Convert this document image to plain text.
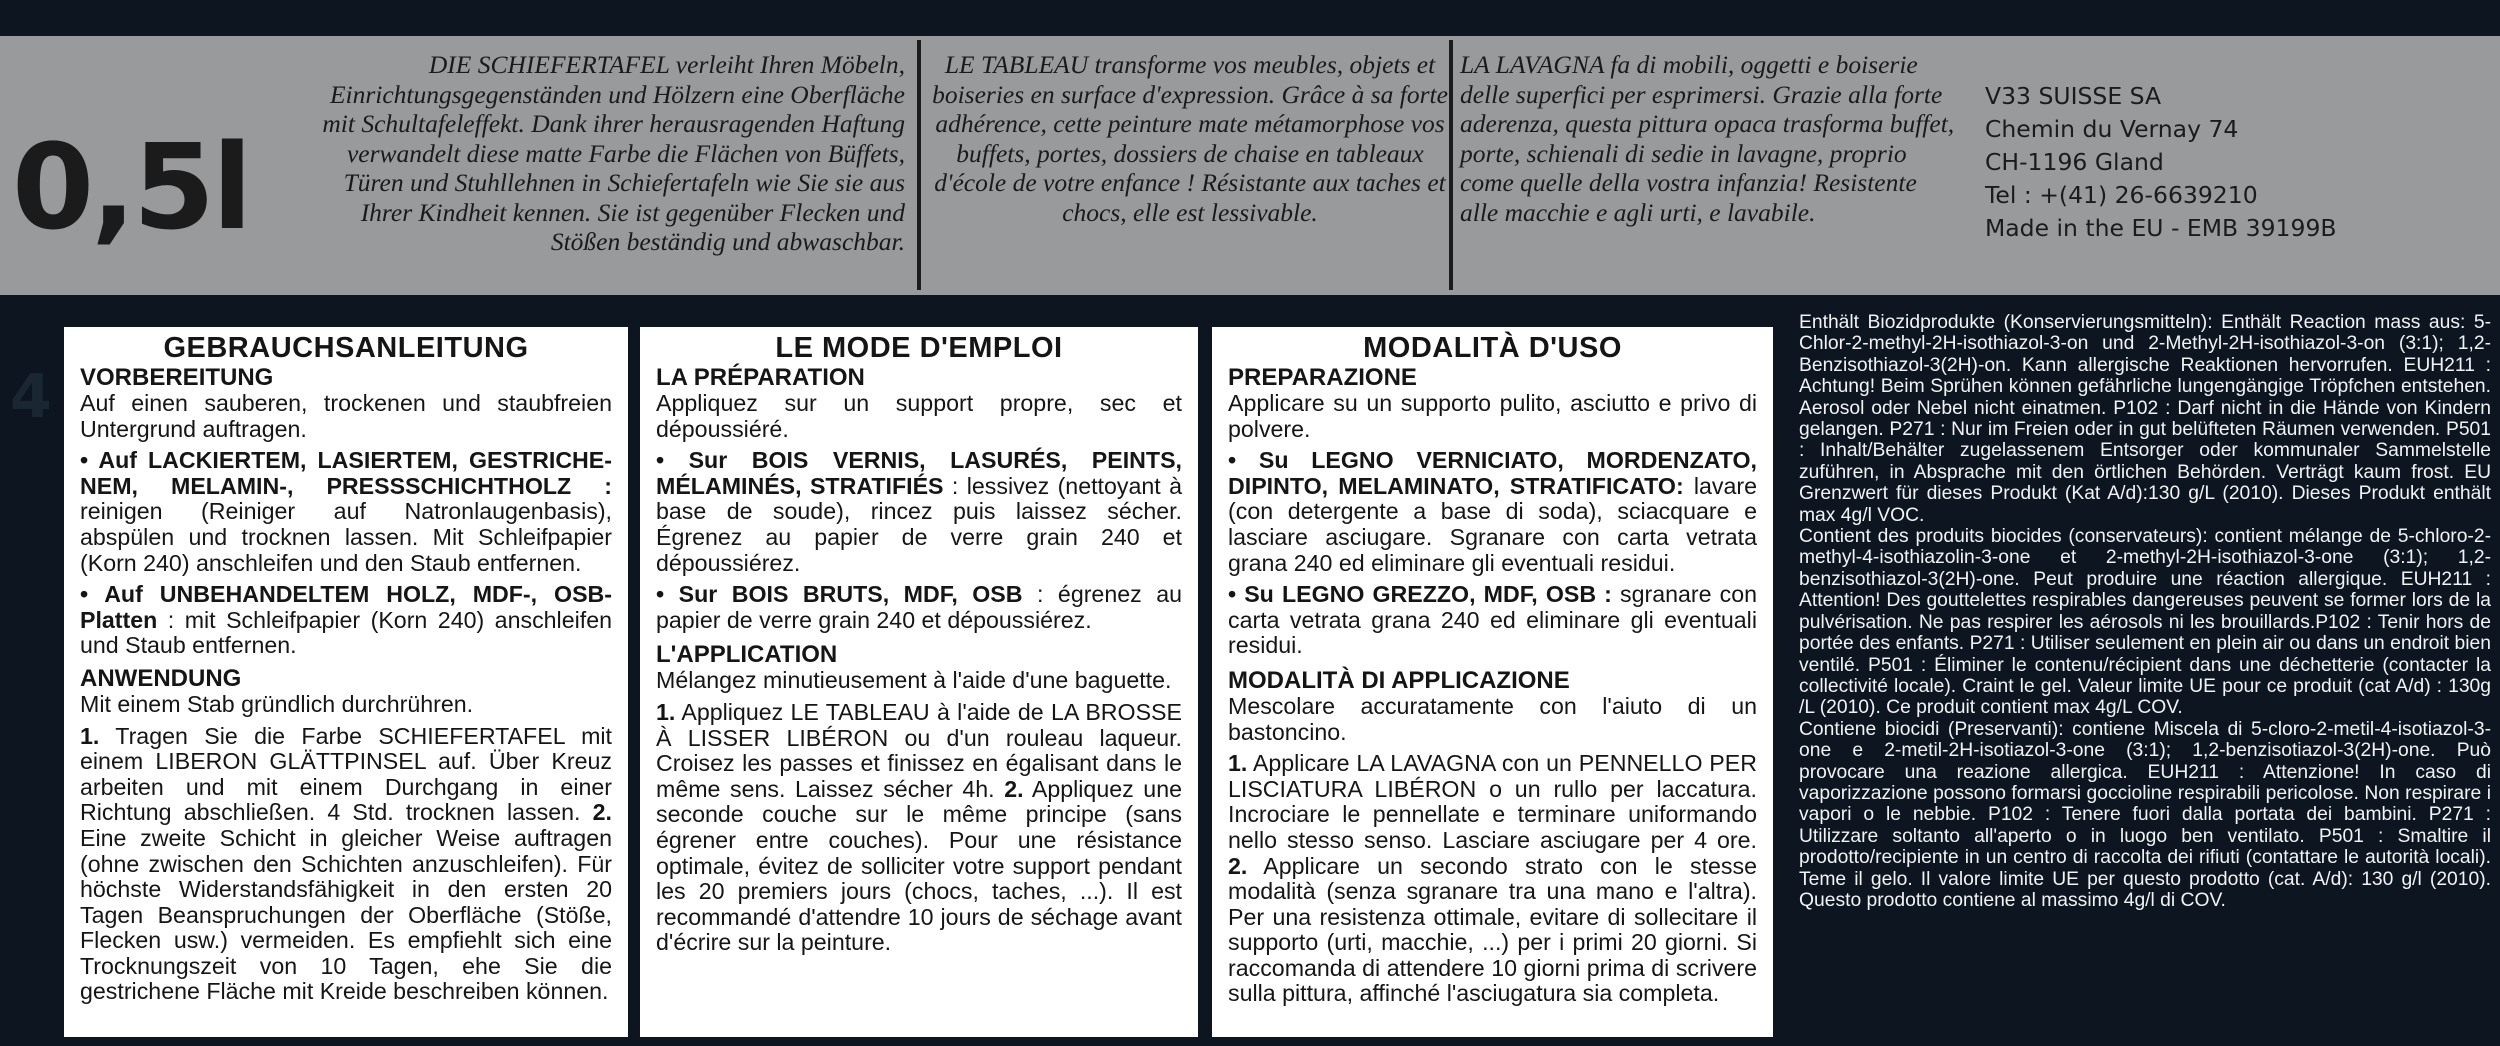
0,5l
DIE SCHIEFERTAFEL verleiht Ihren Möbeln, Einrichtungsgegenständen und Hölzern eine Oberfläche mit Schultafeleffekt. Dank ihrer herausragenden Haftung verwandelt diese matte Farbe die Flächen von Büffets, Türen und Stuhllehnen in Schiefertafeln wie Sie sie aus Ihrer Kindheit kennen. Sie ist gegenüber Flecken und Stößen beständig und abwaschbar.
LE TABLEAU transforme vos meubles, objets et boiseries en surface d'expression. Grâce à sa forte adhérence, cette peinture mate métamorphose vos buffets, portes, dossiers de chaise en tableaux d'école de votre enfance ! Résistante aux taches et chocs, elle est lessivable.
LA LAVAGNA fa di mobili, oggetti e boiserie delle superfici per esprimersi. Grazie alla forte aderenza, questa pittura opaca trasforma buffet, porte, schienali di sedie in lavagne, proprio come quelle della vostra infanzia! Resistente alle macchie e agli urti, e lavabile.
V33 SUISSE SA
Chemin du Vernay 74
CH-1196 Gland
Tel : +(41) 26-6639210
Made in the EU - EMB 39199B
4
GEBRAUCHSANLEITUNG
VORBEREITUNG

Auf einen sauberen, trockenen und staubfreien Untergrund auftragen.

• Auf LACKIERTEM, LASIERTEM, GESTRICHE-NEM, MELAMIN-, PRESSSCHICHTHOLZ : reinigen (Reiniger auf Natronlaugenbasis), abspülen und trocknen lassen. Mit Schleifpapier (Korn 240) anschleifen und den Staub entfernen.

• Auf UNBEHANDELTEM HOLZ, MDF-, OSB-Platten : mit Schleifpapier (Korn 240) anschleifen und Staub entfernen.

ANWENDUNG

Mit einem Stab gründlich durchrühren.

1. Tragen Sie die Farbe SCHIEFERTAFEL mit einem LIBERON GLÄTTPINSEL auf. Über Kreuz arbeiten und mit einem Durchgang in einer Richtung abschließen. 4 Std. trocknen lassen. 2. Eine zweite Schicht in gleicher Weise auftragen (ohne zwischen den Schichten anzuschleifen). Für höchste Widerstandsfähigkeit in den ersten 20 Tagen Beanspruchungen der Oberfläche (Stöße, Flecken usw.) vermeiden. Es empfiehlt sich eine Trocknungszeit von 10 Tagen, ehe Sie die gestrichene Fläche mit Kreide beschreiben können.

LE MODE D'EMPLOI
LA PRÉPARATION

Appliquez sur un support propre, sec et dépoussiéré.

• Sur BOIS VERNIS, LASURÉS, PEINTS, MÉLAMINÉS, STRATIFIÉS : lessivez (nettoyant à base de soude), rincez puis laissez sécher. Égrenez au papier de verre grain 240 et dépoussiérez.

• Sur BOIS BRUTS, MDF, OSB : égrenez au papier de verre grain 240 et dépoussiérez.

L'APPLICATION

Mélangez minutieusement à l'aide d'une baguette.

1. Appliquez LE TABLEAU à l'aide de LA BROSSE À LISSER LIBÉRON ou d'un rouleau laqueur. Croisez les passes et finissez en égalisant dans le même sens. Laissez sécher 4h. 2. Appliquez une seconde couche sur le même principe (sans égrener entre couches). Pour une résistance optimale, évitez de solliciter votre support pendant les 20 premiers jours (chocs, taches, ...). Il est recommandé d'attendre 10 jours de séchage avant d'écrire sur la peinture.

MODALITÀ D'USO
PREPARAZIONE

Applicare su un supporto pulito, asciutto e privo di polvere.

• Su LEGNO VERNICIATO, MORDENZATO, DIPINTO, MELAMINATO, STRATIFICATO: lavare (con detergente a base di soda), sciacquare e lasciare asciugare. Sgranare con carta vetrata grana 240 ed eliminare gli eventuali residui.

• Su LEGNO GREZZO, MDF, OSB : sgranare con carta vetrata grana 240 ed eliminare gli eventuali residui.

MODALITÀ DI APPLICAZIONE

Mescolare accuratamente con l'aiuto di un bastoncino.

1. Applicare LA LAVAGNA con un PENNELLO PER LISCIATURA LIBÉRON o un rullo per laccatura. Incrociare le pennellate e terminare uniformando nello stesso senso. Lasciare asciugare per 4 ore. 2. Applicare un secondo strato con le stesse modalità (senza sgranare tra una mano e l'altra). Per una resistenza ottimale, evitare di sollecitare il supporto (urti, macchie, ...) per i primi 20 giorni. Si raccomanda di attendere 10 giorni prima di scrivere sulla pittura, affinché l'asciugatura sia completa.

Enthält Biozidprodukte (Konservierungsmitteln): Enthält Reaction mass aus: 5-Chlor-2-methyl-2H-isothiazol-3-on und 2-Methyl-2H-isothiazol-3-on (3:1); 1,2-Benzisothiazol-3(2H)-on. Kann allergische Reaktionen hervorrufen. EUH211 : Achtung! Beim Sprühen können gefährliche lungengängige Tröpfchen entstehen. Aerosol oder Nebel nicht einatmen. P102 : Darf nicht in die Hände von Kindern gelangen. P271 : Nur im Freien oder in gut belüfteten Räumen verwenden. P501 : Inhalt/Behälter zugelassenem Entsorger oder kommunaler Sammelstelle zuführen, in Absprache mit den örtlichen Behörden. Verträgt kaum frost. EU Grenzwert für dieses Produkt (Kat A/d):130 g/L (2010). Dieses Produkt enthält max 4g/l VOC.

Contient des produits biocides (conservateurs): contient mélange de 5-chloro-2-methyl-4-isothiazolin-3-one et 2-methyl-2H-isothiazol-3-one (3:1); 1,2-benzisothiazol-3(2H)-one. Peut produire une réaction allergique. EUH211 : Attention! Des gouttelettes respirables dangereuses peuvent se former lors de la pulvérisation. Ne pas respirer les aérosols ni les brouillards.P102 : Tenir hors de portée des enfants. P271 : Utiliser seulement en plein air ou dans un endroit bien ventilé. P501 : Éliminer le contenu/récipient dans une déchetterie (contacter la collectivité locale). Craint le gel. Valeur limite UE pour ce produit (cat A/d) : 130g /L (2010). Ce produit contient max 4g/L COV.

Contiene biocidi (Preservanti): contiene Miscela di 5-cloro-2-metil-4-isotiazol-3-one e 2-metil-2H-isotiazol-3-one (3:1); 1,2-benzisotiazol-3(2H)-one. Può provocare una reazione allergica. EUH211 : Attenzione! In caso di vaporizzazione possono formarsi goccioline respirabili pericolose. Non respirare i vapori o le nebbie. P102 : Tenere fuori dalla portata dei bambini. P271 : Utilizzare soltanto all'aperto o in luogo ben ventilato. P501 : Smaltire il prodotto/recipiente in un centro di raccolta dei rifiuti (contattare le autorità locali). Teme il gelo. Il valore limite UE per questo prodotto (cat. A/d): 130 g/l (2010). Questo prodotto contiene al massimo 4g/l di COV.
